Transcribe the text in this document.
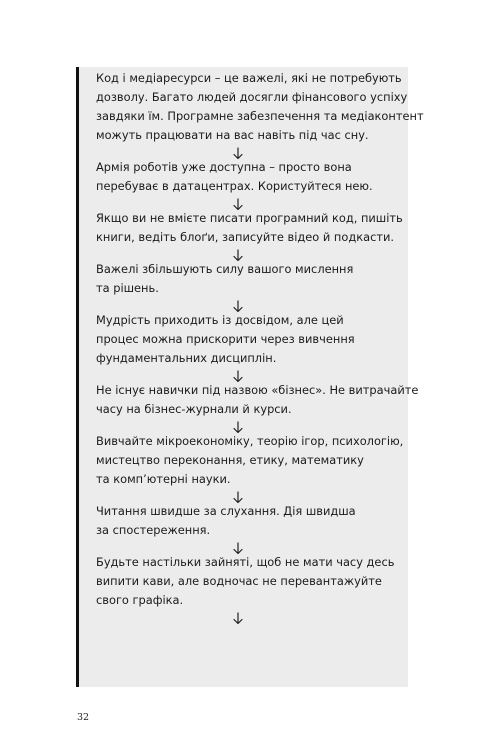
Код і медіаресурси – це важелі, які не потребують
дозволу. Багато людей досягли фінансового успіху
завдяки їм. Програмне забезпечення та медіаконтент
можуть працювати на вас навіть під час сну.

Армія роботів уже доступна – просто вона
перебуває в датацентрах. Користуйтеся нею.

Якщо ви не вмієте писати програмний код, пишіть
книги, ведіть блоґи, записуйте відео й подкасти.

Важелі збільшують силу вашого мислення
та рішень.

Мудрість приходить із досвідом, але цей
процес можна прискорити через вивчення
фундаментальних дисциплін.

Не існує навички під назвою «бізнес». Не витрачайте
часу на бізнес-журнали й курси.

Вивчайте мікроекономіку, теорію ігор, психологію,
мистецтво переконання, етику, математику
та комп’ютерні науки.

Читання швидше за слухання. Дія швидша
за спостереження.

Будьте настільки зайняті, щоб не мати часу десь
випити кави, але водночас не перевантажуйте
свого графіка.

32
